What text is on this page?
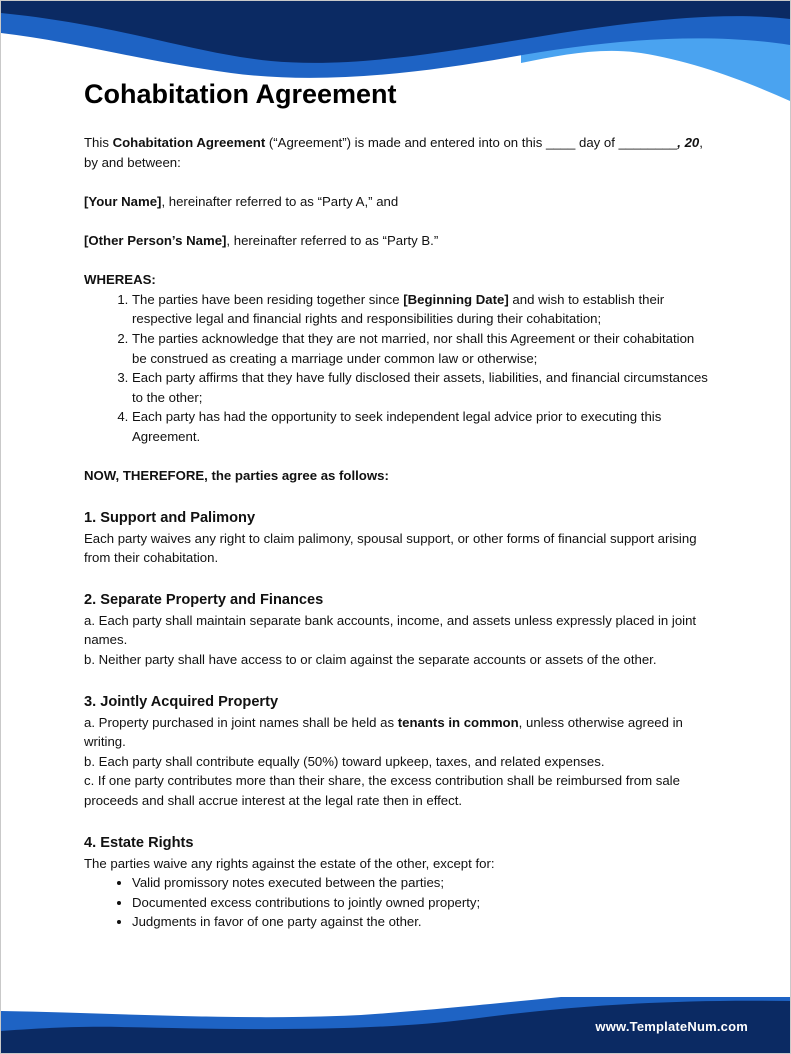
www.TemplateNum.com
Cohabitation Agreement

This Cohabitation Agreement (“Agreement”) is made and entered into on this ____ day of ________, 20, by and between:

[Your Name], hereinafter referred to as “Party A,” and

[Other Person’s Name], hereinafter referred to as “Party B.”

WHEREAS:

1. The parties have been residing together since [Beginning Date] and wish to establish their respective legal and financial rights and responsibilities during their cohabitation;
2. The parties acknowledge that they are not married, nor shall this Agreement or their cohabitation be construed as creating a marriage under common law or otherwise;
3. Each party affirms that they have fully disclosed their assets, liabilities, and financial circumstances to the other;
4. Each party has had the opportunity to seek independent legal advice prior to executing this Agreement.

NOW, THEREFORE, the parties agree as follows:

1. Support and Palimony

Each party waives any right to claim palimony, spousal support, or other forms of financial support arising from their cohabitation.

2. Separate Property and Finances

a. Each party shall maintain separate bank accounts, income, and assets unless expressly placed in joint names.

b. Neither party shall have access to or claim against the separate accounts or assets of the other.

3. Jointly Acquired Property

a. Property purchased in joint names shall be held as tenants in common, unless otherwise agreed in writing.

b. Each party shall contribute equally (50%) toward upkeep, taxes, and related expenses.

c. If one party contributes more than their share, the excess contribution shall be reimbursed from sale proceeds and shall accrue interest at the legal rate then in effect.

4. Estate Rights

The parties waive any rights against the estate of the other, except for:

• Valid promissory notes executed between the parties;
• Documented excess contributions to jointly owned property;
• Judgments in favor of one party against the other.
